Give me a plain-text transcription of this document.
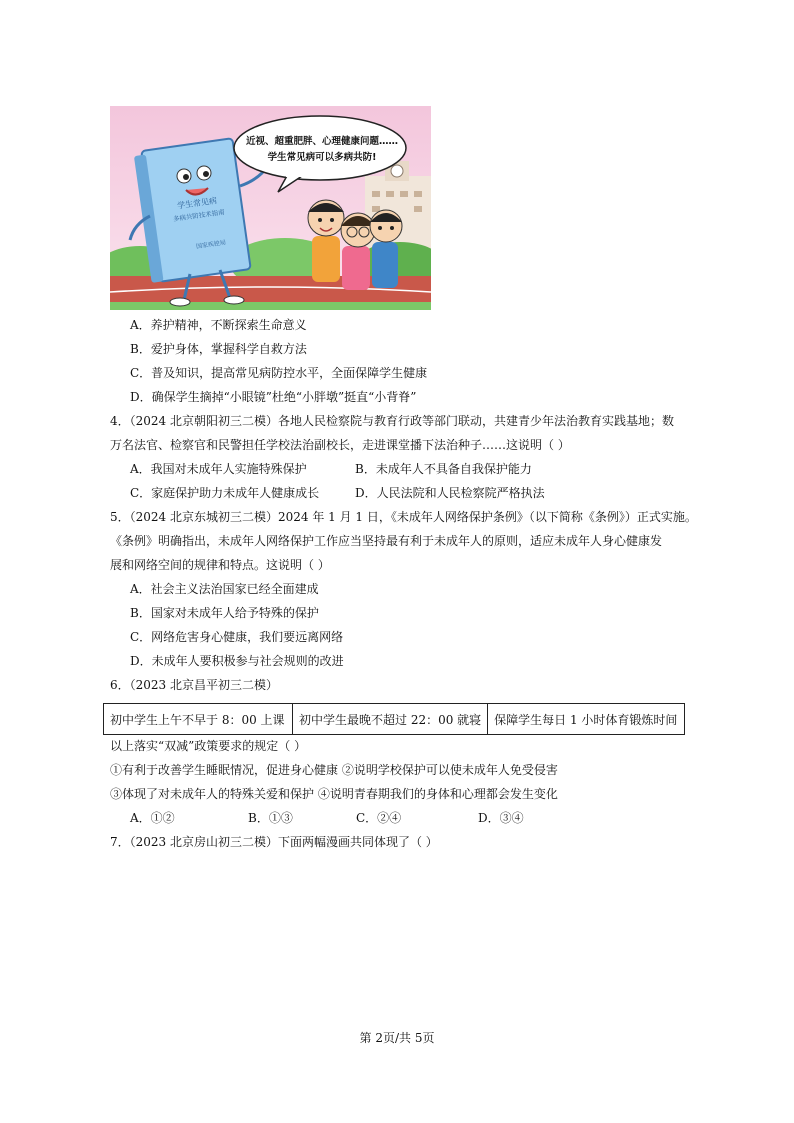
学生常见病
多病共防技术指南
国家疾控局
近视、超重肥胖、心理健康问题……
学生常见病可以多病共防!
A．养护精神，不断探索生命意义
B．爱护身体，掌握科学自救方法
C．普及知识，提高常见病防控水平，全面保障学生健康
D．确保学生摘掉“小眼镜”杜绝“小胖墩”挺直“小背脊”
4．（2024 北京朝阳初三二模）各地人民检察院与教育行政等部门联动，共建青少年法治教育实践基地；数
万名法官、检察官和民警担任学校法治副校长，走进课堂播下法治种子……这说明（ ）
A．我国对未成年人实施特殊保护	B．未成年人不具备自我保护能力
C．家庭保护助力未成年人健康成长	D．人民法院和人民检察院严格执法
5．（2024 北京东城初三二模）2024 年 1 月 1 日，《未成年人网络保护条例》（以下简称《条例》）正式实施。
《条例》明确指出，未成年人网络保护工作应当坚持最有利于未成年人的原则，适应未成年人身心健康发
展和网络空间的规律和特点。这说明（ ）
A．社会主义法治国家已经全面建成
B．国家对未成年人给予特殊的保护
C．网络危害身心健康，我们要远离网络
D．未成年人要积极参与社会规则的改进
6．（2023 北京昌平初三二模）
初中学生上午不早于 8：00 上课	初中学生最晚不超过 22：00 就寝	保障学生每日 1 小时体育锻炼时间
以上落实“双减”政策要求的规定（ ）
①有利于改善学生睡眠情况，促进身心健康 ②说明学校保护可以使未成年人免受侵害
③体现了对未成年人的特殊关爱和保护 ④说明青春期我们的身体和心理都会发生变化
A．①②	B．①③	C．②④	D．③④
7．（2023 北京房山初三二模）下面两幅漫画共同体现了（ ）
第 2页/共 5页
